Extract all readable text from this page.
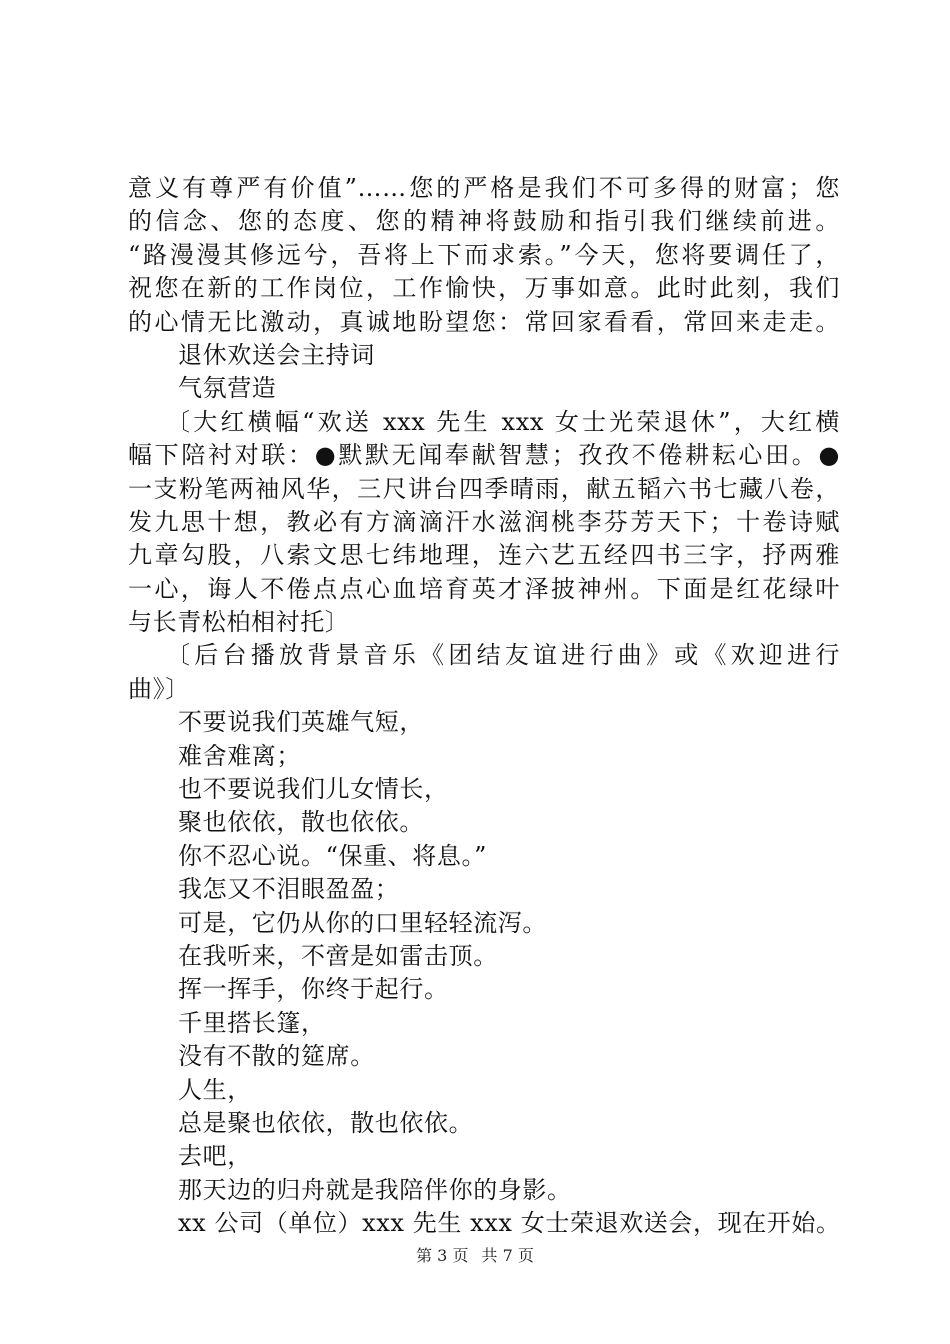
意义有尊严有价值”……您的严格是我们不可多得的财富；您
的信念、您的态度、您的精神将鼓励和指引我们继续前进。
“路漫漫其修远兮，吾将上下而求索。”今天，您将要调任了，
祝您在新的工作岗位，工作愉快，万事如意。此时此刻，我们
的心情无比激动，真诚地盼望您：常回家看看，常回来走走。
退休欢送会主持词
气氛营造
〔大红横幅“欢送 xxx 先生 xxx 女士光荣退休”，大红横
幅下陪衬对联：●默默无闻奉献智慧；孜孜不倦耕耘心田。●
一支粉笔两袖风华，三尺讲台四季晴雨，献五韬六书七藏八卷，
发九思十想，教必有方滴滴汗水滋润桃李芬芳天下；十卷诗赋
九章勾股，八索文思七纬地理，连六艺五经四书三字，抒两雅
一心，诲人不倦点点心血培育英才泽披神州。下面是红花绿叶
与长青松柏相衬托〕
〔后台播放背景音乐《团结友谊进行曲》或《欢迎进行
曲》〕
不要说我们英雄气短，
难舍难离；
也不要说我们儿女情长，
聚也依依，散也依依。
你不忍心说。“保重、将息。”
我怎又不泪眼盈盈；
可是，它仍从你的口里轻轻流泻。
在我听来，不啻是如雷击顶。
挥一挥手，你终于起行。
千里搭长篷，
没有不散的筵席。
人生，
总是聚也依依，散也依依。
去吧，
那天边的归舟就是我陪伴你的身影。
xx 公司（单位）xxx 先生 xxx 女士荣退欢送会，现在开始。
第 3 页 共 7 页
